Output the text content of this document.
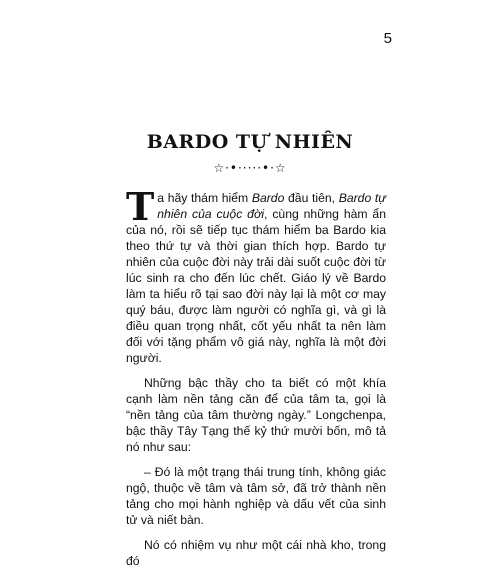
5
BARDO TỰ NHIÊN
☆·•·····•·☆

Ta hãy thám hiểm Bardo đầu tiên, Bardo tự nhiên của cuộc đời, cùng những hàm ẩn của nó, rồi sẽ tiếp tục thám hiểm ba Bardo kia theo thứ tự và thời gian thích hợp. Bardo tự nhiên của cuộc đời này trải dài suốt cuộc đời từ lúc sinh ra cho đến lúc chết. Giáo lý về Bardo làm ta hiểu rõ tại sao đời này lại là một cơ may quý báu, được làm người có nghĩa gì, và gì là điều quan trọng nhất, cốt yếu nhất ta nên làm đối với tặng phẩm vô giá này, nghĩa là một đời người.

Những bậc thầy cho ta biết có một khía cạnh làm nền tảng căn để của tâm ta, gọi là “nền tảng của tâm thường ngày.” Longchenpa, bậc thầy Tây Tạng thế kỷ thứ mười bốn, mô tả nó như sau:

– Đó là một trạng thái trung tính, không giác ngộ, thuộc về tâm và tâm sở, đã trở thành nền tảng cho mọi hành nghiệp và dấu vết của sinh tử và niết bàn.

Nó có nhiệm vụ như một cái nhà kho, trong đó
